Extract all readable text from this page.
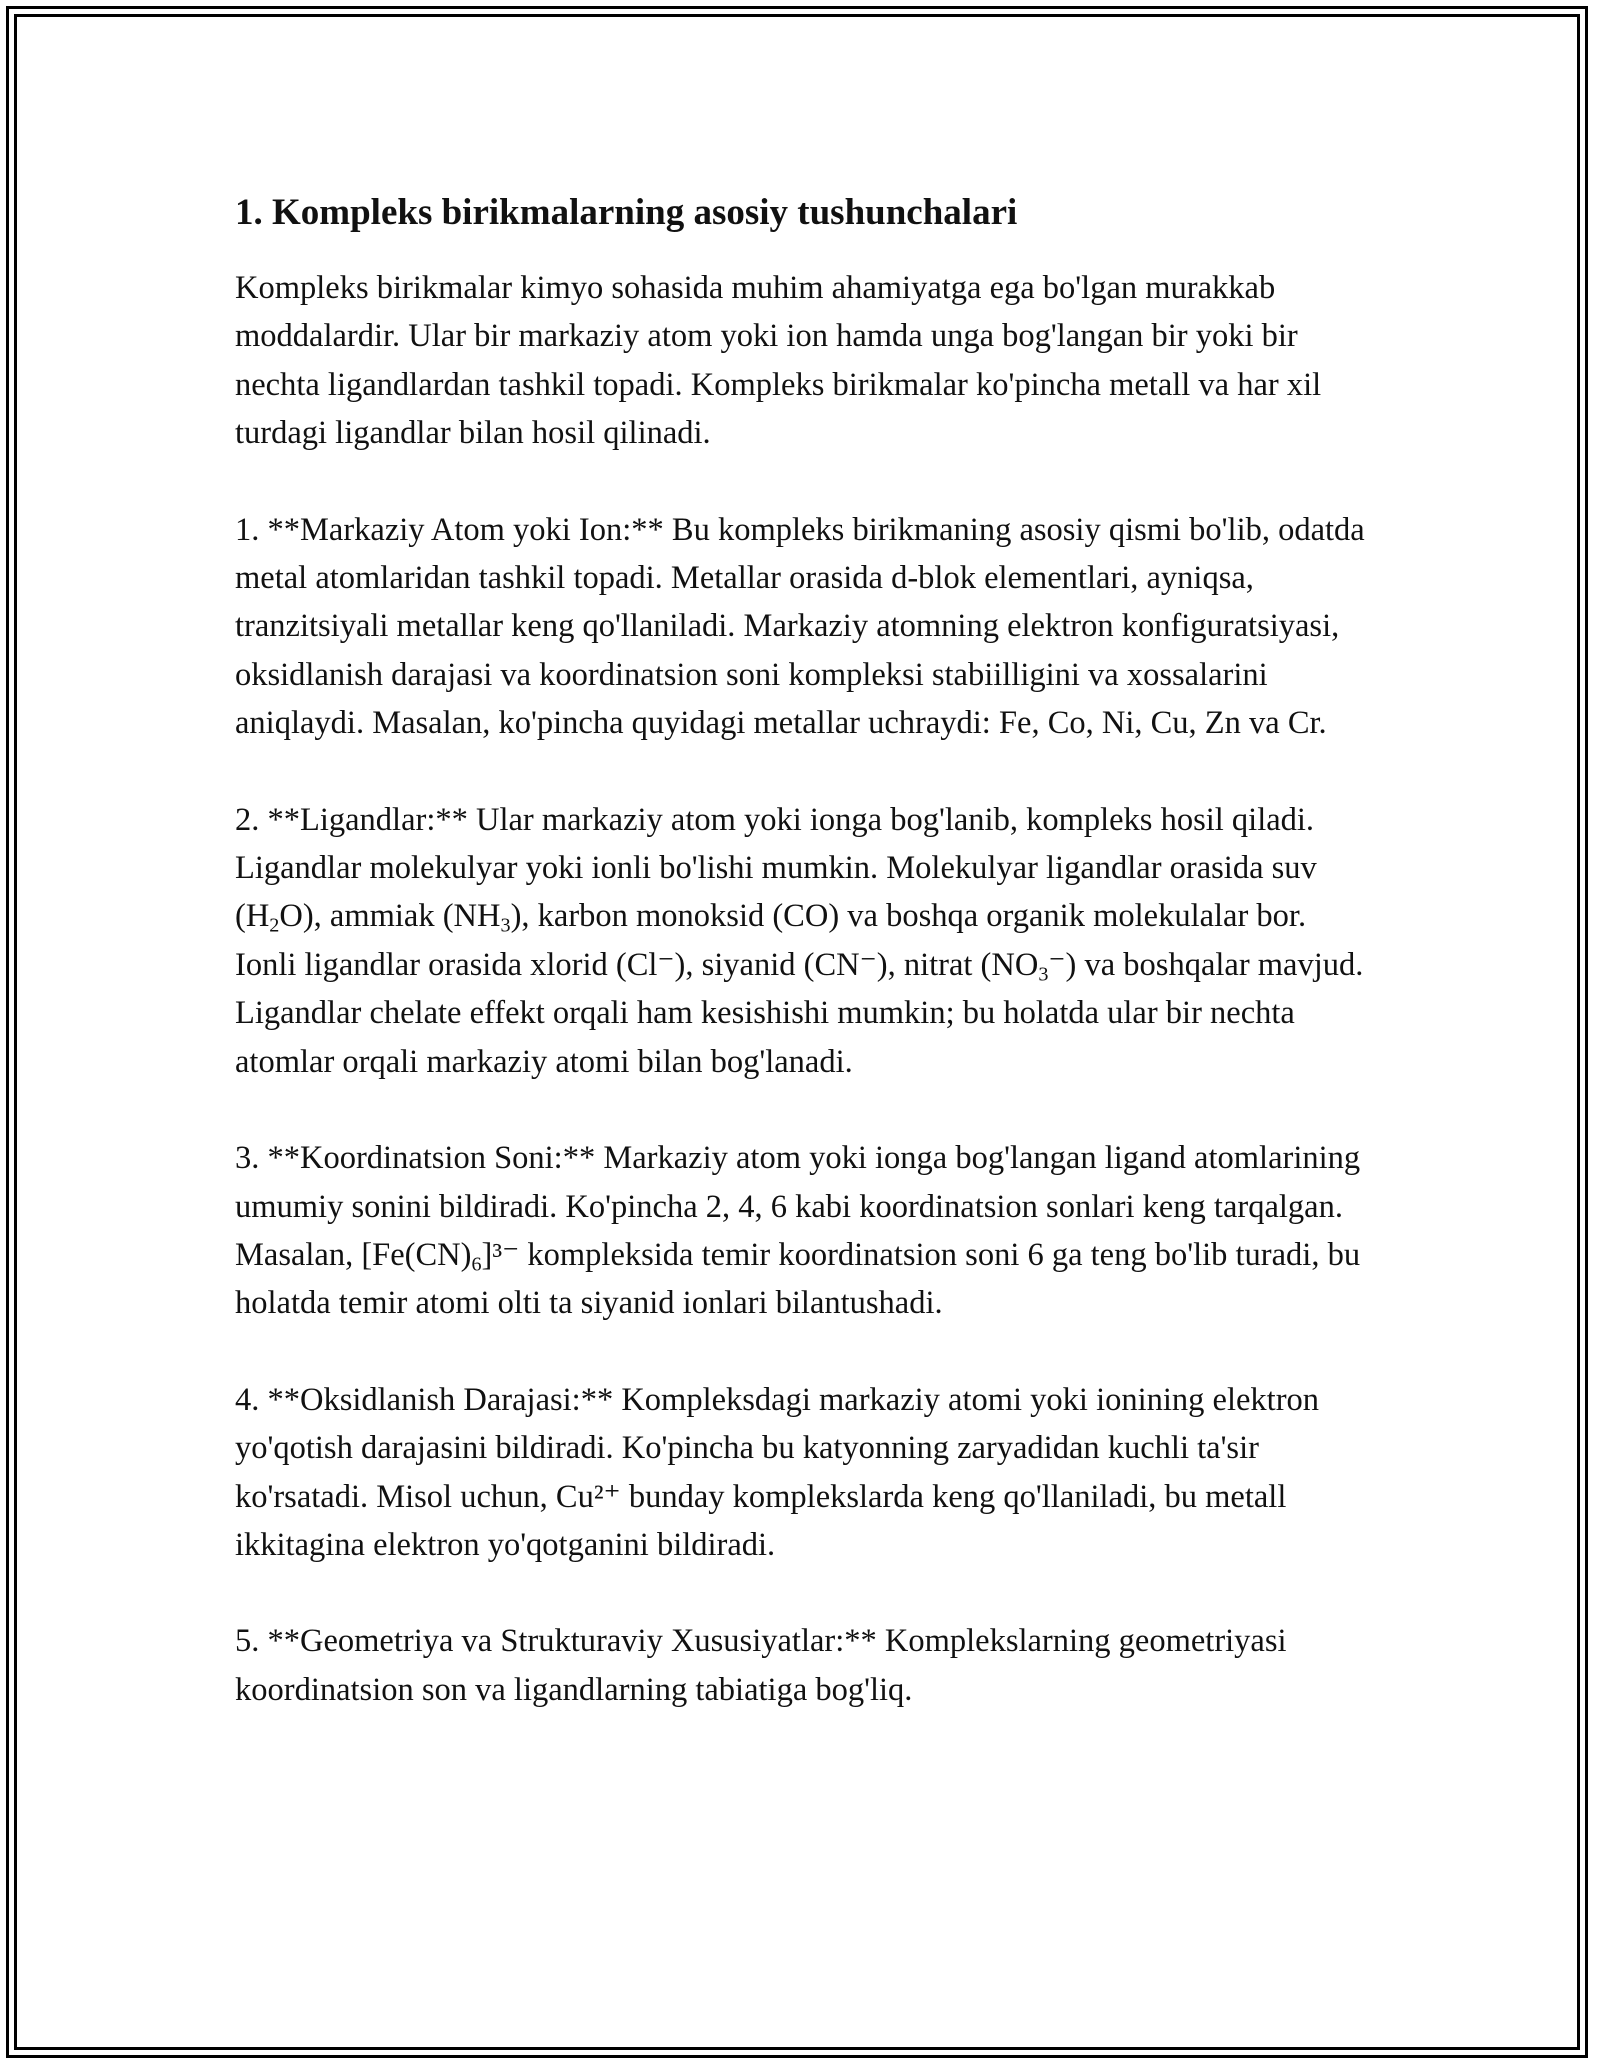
1. Kompleks birikmalarning asosiy tushunchalari

Kompleks birikmalar kimyo sohasida muhim ahamiyatga ega bo'lgan murakkab moddalardir. Ular bir markaziy atom yoki ion hamda unga bog'langan bir yoki bir nechta ligandlardan tashkil topadi. Kompleks birikmalar ko'pincha metall va har xil turdagi ligandlar bilan hosil qilinadi.

1. **Markaziy Atom yoki Ion:** Bu kompleks birikmaning asosiy qismi bo'lib, odatda metal atomlaridan tashkil topadi. Metallar orasida d-blok elementlari, ayniqsa, tranzitsiyali metallar keng qo'llaniladi. Markaziy atomning elektron konfiguratsiyasi, oksidlanish darajasi va koordinatsion soni kompleksi stabiilligini va xossalarini aniqlaydi. Masalan, ko'pincha quyidagi metallar uchraydi: Fe, Co, Ni, Cu, Zn va Cr.

2. **Ligandlar:** Ular markaziy atom yoki ionga bog'lanib, kompleks hosil qiladi. Ligandlar molekulyar yoki ionli bo'lishi mumkin. Molekulyar ligandlar orasida suv $(H_2O)$, ammiak $(NH_3)$, karbon monoksid (CO) va boshqa organik molekulalar bor. Ionli ligandlar orasida xlorid (Cl⁻), siyanid (CN⁻), nitrat $(NO_3^-)$ va boshqalar mavjud. Ligandlar chelate effekt orqali ham kesishishi mumkin; bu holatda ular bir nechta atomlar orqali markaziy atomi bilan bog'lanadi.

3. **Koordinatsion Soni:** Markaziy atom yoki ionga bog'langan ligand atomlarining umumiy sonini bildiradi. Ko'pincha 2, 4, 6 kabi koordinatsion sonlari keng tarqalgan. Masalan, $[Fe(CN)_6]^{3-}$ kompleksida temir koordinatsion soni 6 ga teng bo'lib turadi, bu holatda temir atomi olti ta siyanid ionlari bilantushadi.

4. **Oksidlanish Darajasi:** Kompleksdagi markaziy atomi yoki ionining elektron yo'qotish darajasini bildiradi. Ko'pincha bu katyonning zaryadidan kuchli ta'sir ko'rsatadi. Misol uchun, Cu²⁺ bunday komplekslarda keng qo'llaniladi, bu metall ikkitagina elektron yo'qotganini bildiradi.

5. **Geometriya va Strukturaviy Xususiyatlar:** Komplekslarning geometriyasi koordinatsion son va ligandlarning tabiatiga bog'liq.
